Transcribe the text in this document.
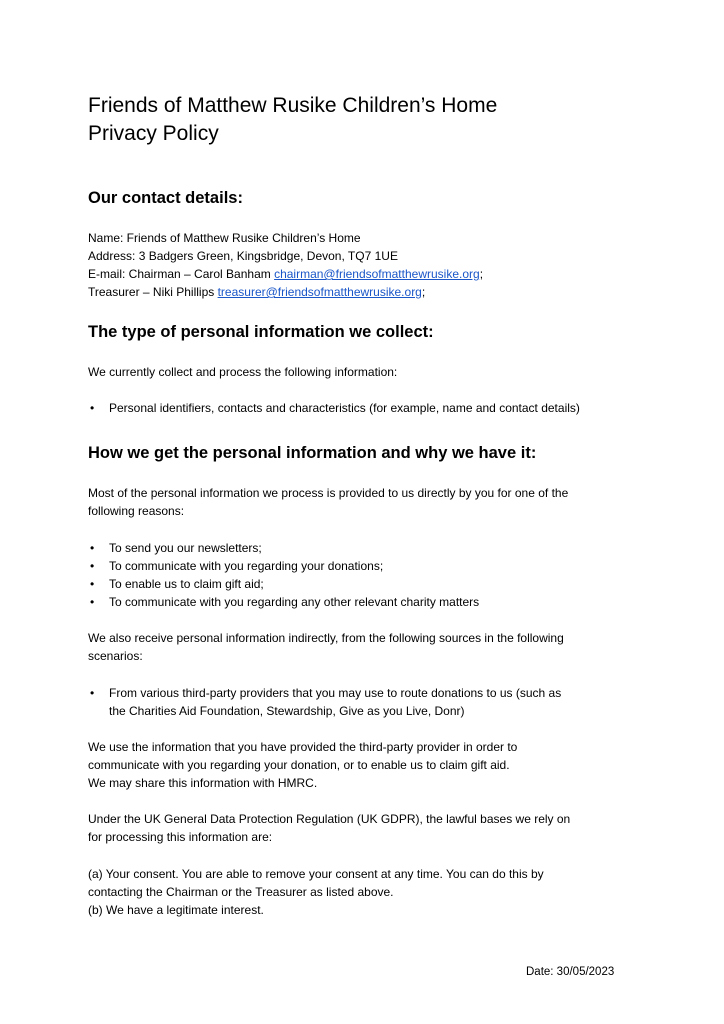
Friends of Matthew Rusike Children’s Home
Privacy Policy
Our contact details:
Name: Friends of Matthew Rusike Children’s Home
Address: 3 Badgers Green, Kingsbridge, Devon, TQ7 1UE
E-mail: Chairman – Carol Banham chairman@friendsofmatthewrusike.org;
Treasurer – Niki Phillips treasurer@friendsofmatthewrusike.org;
The type of personal information we collect:
We currently collect and process the following information:
• Personal identifiers, contacts and characteristics (for example, name and contact details)
How we get the personal information and why we have it:
Most of the personal information we process is provided to us directly by you for one of the
following reasons:
• To send you our newsletters;
• To communicate with you regarding your donations;
• To enable us to claim gift aid;
• To communicate with you regarding any other relevant charity matters
We also receive personal information indirectly, from the following sources in the following
scenarios:
• From various third-party providers that you may use to route donations to us (such as
the Charities Aid Foundation, Stewardship, Give as you Live, Donr)
We use the information that you have provided the third-party provider in order to
communicate with you regarding your donation, or to enable us to claim gift aid.
We may share this information with HMRC.
Under the UK General Data Protection Regulation (UK GDPR), the lawful bases we rely on
for processing this information are:
(a) Your consent. You are able to remove your consent at any time. You can do this by
contacting the Chairman or the Treasurer as listed above.
(b) We have a legitimate interest.
Date: 30/05/2023
